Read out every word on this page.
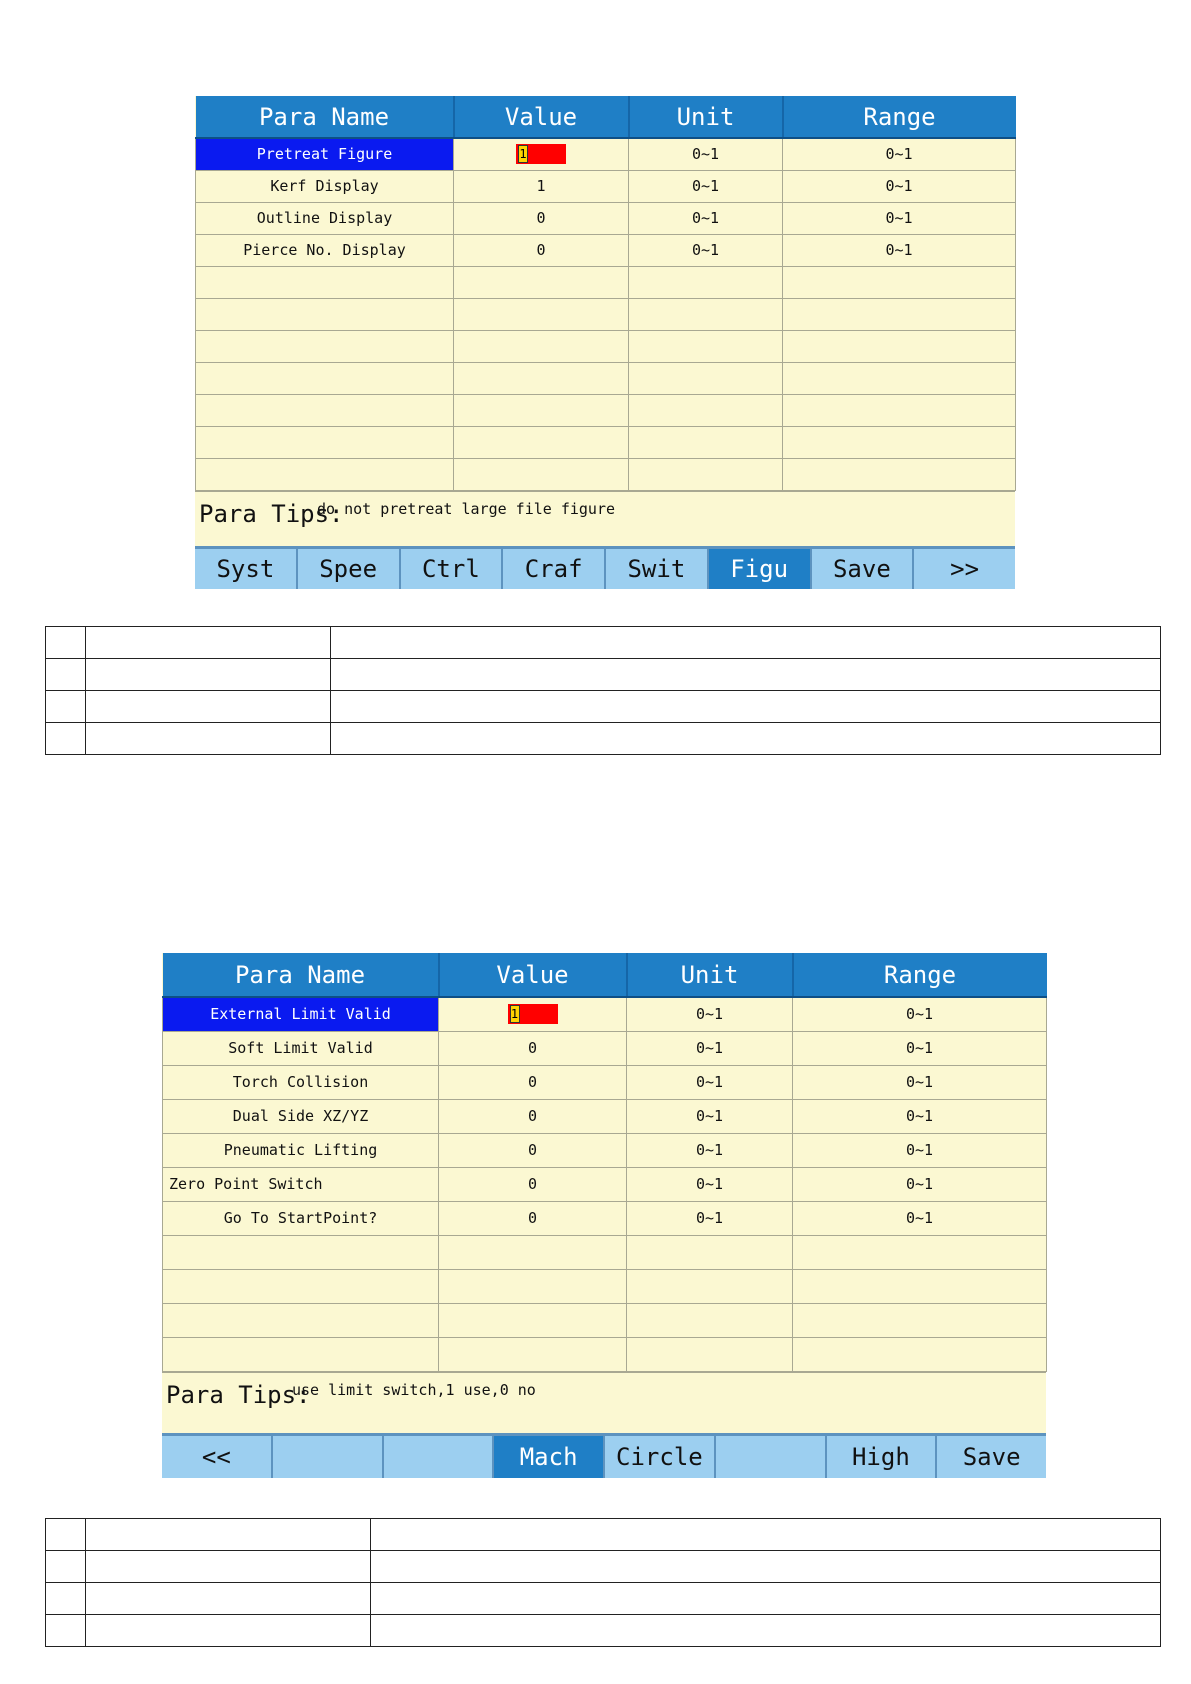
Para Name	Value	Unit	Range
Pretreat Figure	1	0~1	0~1
Kerf Display	1	0~1	0~1
Outline Display	0	0~1	0~1
Pierce No. Display	0	0~1	0~1

Para Tips:
do not pretreat large file figure
Syst	Spee	Ctrl	Craf	Swit	Figu	Save	>>

Para Name	Value	Unit	Range
External Limit Valid	1	0~1	0~1
Soft Limit Valid	0	0~1	0~1
Torch Collision	0	0~1	0~1
Dual Side XZ/YZ	0	0~1	0~1
Pneumatic Lifting	0	0~1	0~1
Zero Point Switch	0	0~1	0~1
Go To StartPoint?	0	0~1	0~1

Para Tips:
use limit switch,1 use,0 no
<<	Mach	Circle	High	Save
